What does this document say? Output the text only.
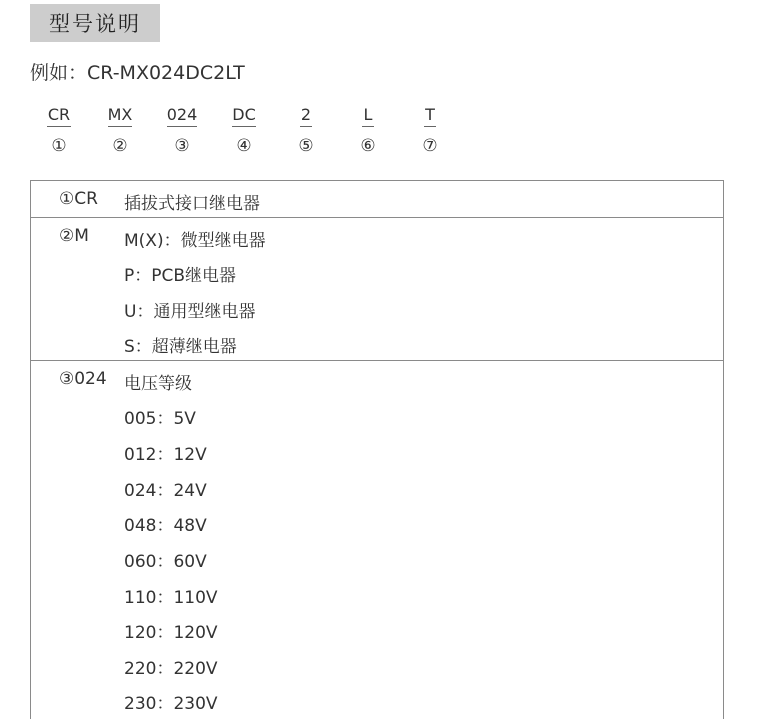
型号说明
例如：CR-MX024DC2LT
CR
①
MX
②
024
③
DC
④
2
⑤
L
⑥
T
⑦
①CR 插拔式接口继电器
②M M(X)：微型继电器
P：PCB继电器
U：通用型继电器
S：超薄继电器
③024 电压等级
005：5V
012：12V
024：24V
048：48V
060：60V
110：110V
120：120V
220：220V
230：230V
